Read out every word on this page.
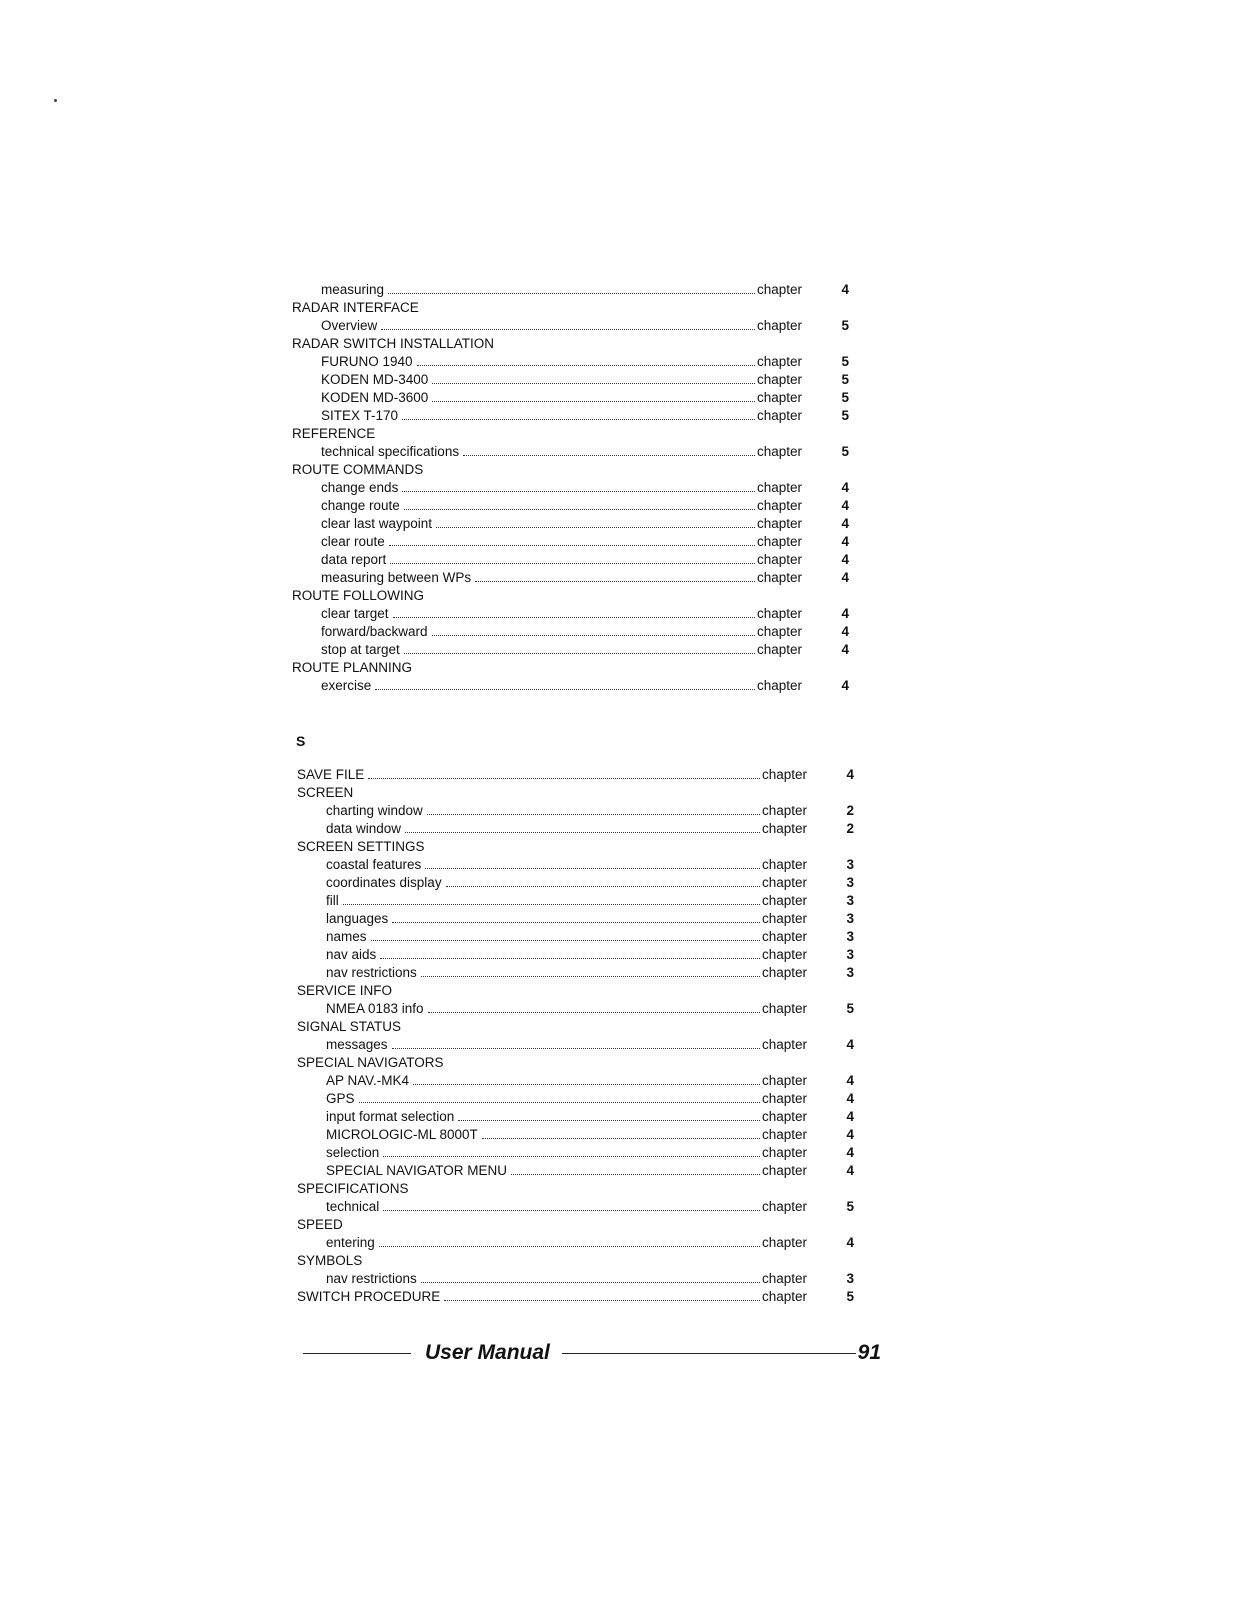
measuring	chapter	4
RADAR INTERFACE
Overview	chapter	5
RADAR SWITCH INSTALLATION
FURUNO 1940	chapter	5
KODEN MD-3400	chapter	5
KODEN MD-3600	chapter	5
SITEX T-170	chapter	5
REFERENCE
technical specifications	chapter	5
ROUTE COMMANDS
change ends	chapter	4
change route	chapter	4
clear last waypoint	chapter	4
clear route	chapter	4
data report	chapter	4
measuring between WPs	chapter	4
ROUTE FOLLOWING
clear target	chapter	4
forward/backward	chapter	4
stop at target	chapter	4
ROUTE PLANNING
exercise	chapter	4
S
SAVE FILE	chapter	4
SCREEN
charting window	chapter	2
data window	chapter	2
SCREEN SETTINGS
coastal features	chapter	3
coordinates display	chapter	3
fill	chapter	3
languages	chapter	3
names	chapter	3
nav aids	chapter	3
nav restrictions	chapter	3
SERVICE INFO
NMEA 0183 info	chapter	5
SIGNAL STATUS
messages	chapter	4
SPECIAL NAVIGATORS
AP NAV.-MK4	chapter	4
GPS	chapter	4
input format selection	chapter	4
MICROLOGIC-ML 8000T	chapter	4
selection	chapter	4
SPECIAL NAVIGATOR MENU	chapter	4
SPECIFICATIONS
technical	chapter	5
SPEED
entering	chapter	4
SYMBOLS
nav restrictions	chapter	3
SWITCH PROCEDURE	chapter	5
User Manual	91
